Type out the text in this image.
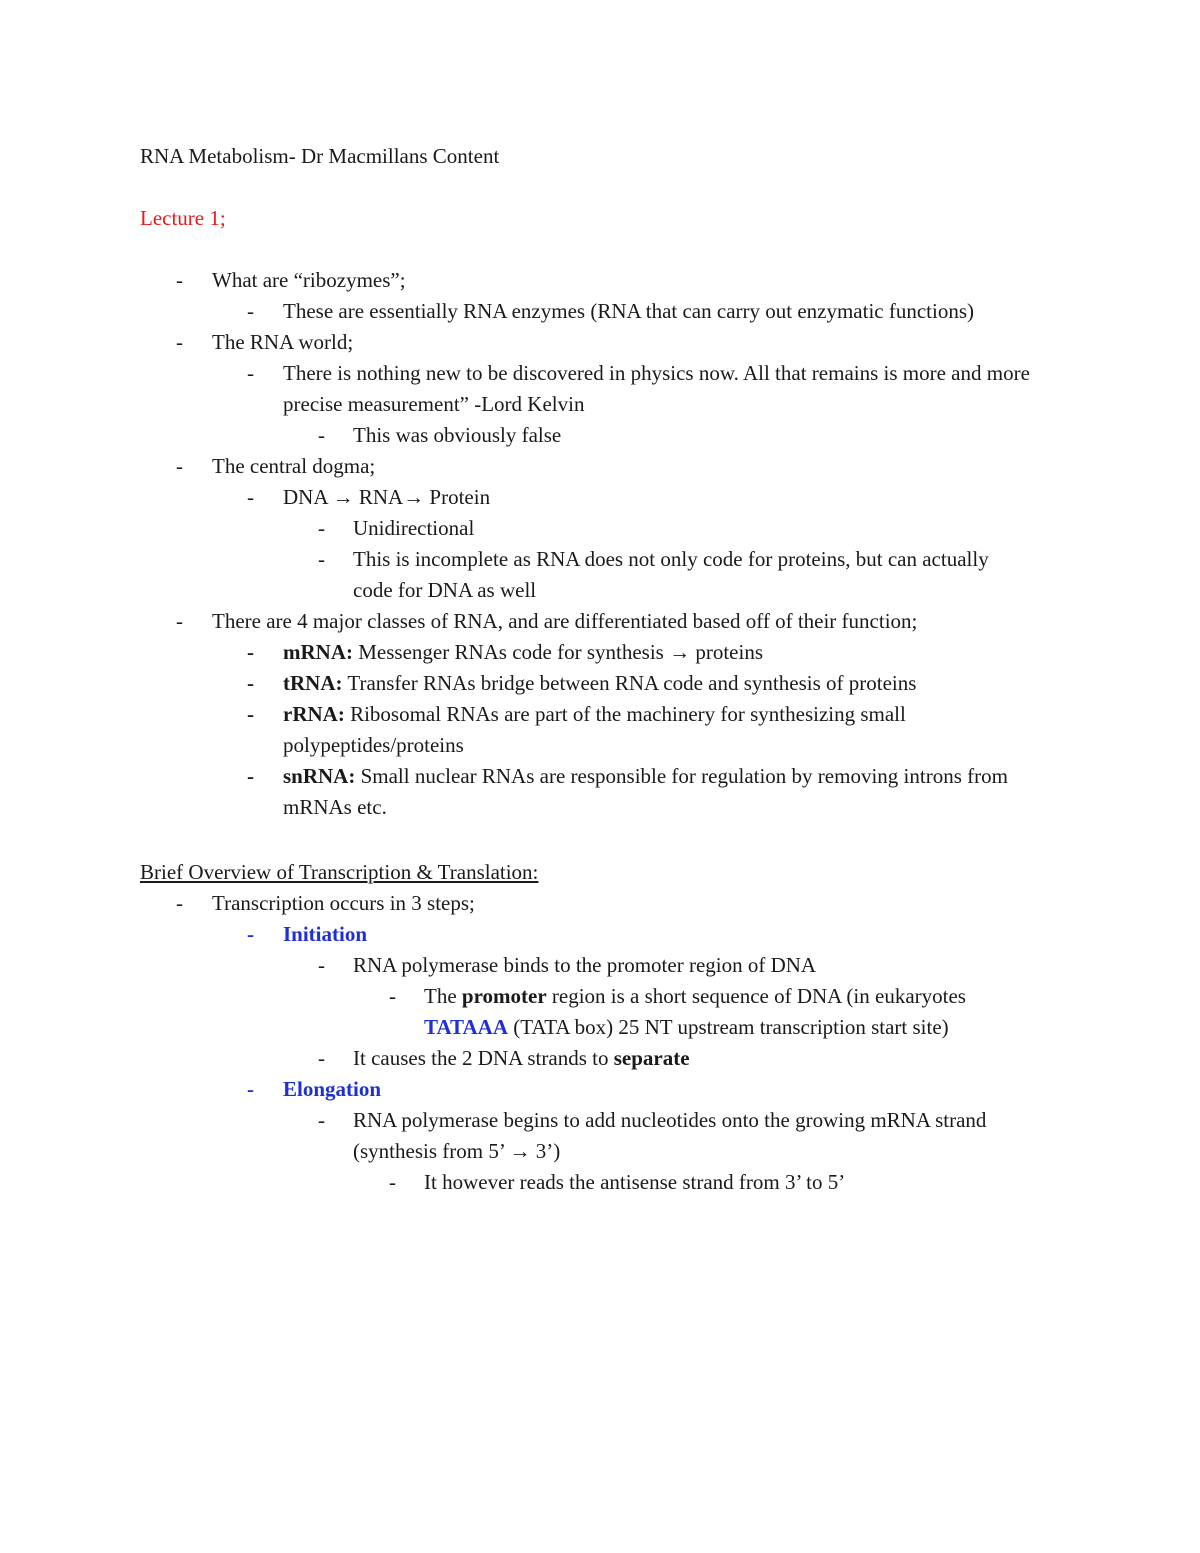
RNA Metabolism- Dr Macmillans Content
Lecture 1;
- What are “ribozymes”;
- These are essentially RNA enzymes (RNA that can carry out enzymatic functions)
- The RNA world;
- There is nothing new to be discovered in physics now. All that remains is more and more precise measurement” -Lord Kelvin
- This was obviously false
- The central dogma;
- DNA → RNA→ Protein
- Unidirectional
- This is incomplete as RNA does not only code for proteins, but can actually code for DNA as well
- There are 4 major classes of RNA, and are differentiated based off of their function;
- mRNA: Messenger RNAs code for synthesis → proteins
- tRNA: Transfer RNAs bridge between RNA code and synthesis of proteins
- rRNA: Ribosomal RNAs are part of the machinery for synthesizing small polypeptides/proteins
- snRNA: Small nuclear RNAs are responsible for regulation by removing introns from mRNAs etc.
Brief Overview of Transcription & Translation:
- Transcription occurs in 3 steps;
- Initiation
- RNA polymerase binds to the promoter region of DNA
- The promoter region is a short sequence of DNA (in eukaryotes TATAAA (TATA box) 25 NT upstream transcription start site)
- It causes the 2 DNA strands to separate
- Elongation
- RNA polymerase begins to add nucleotides onto the growing mRNA strand (synthesis from 5’ → 3’)
- It however reads the antisense strand from 3’ to 5’
